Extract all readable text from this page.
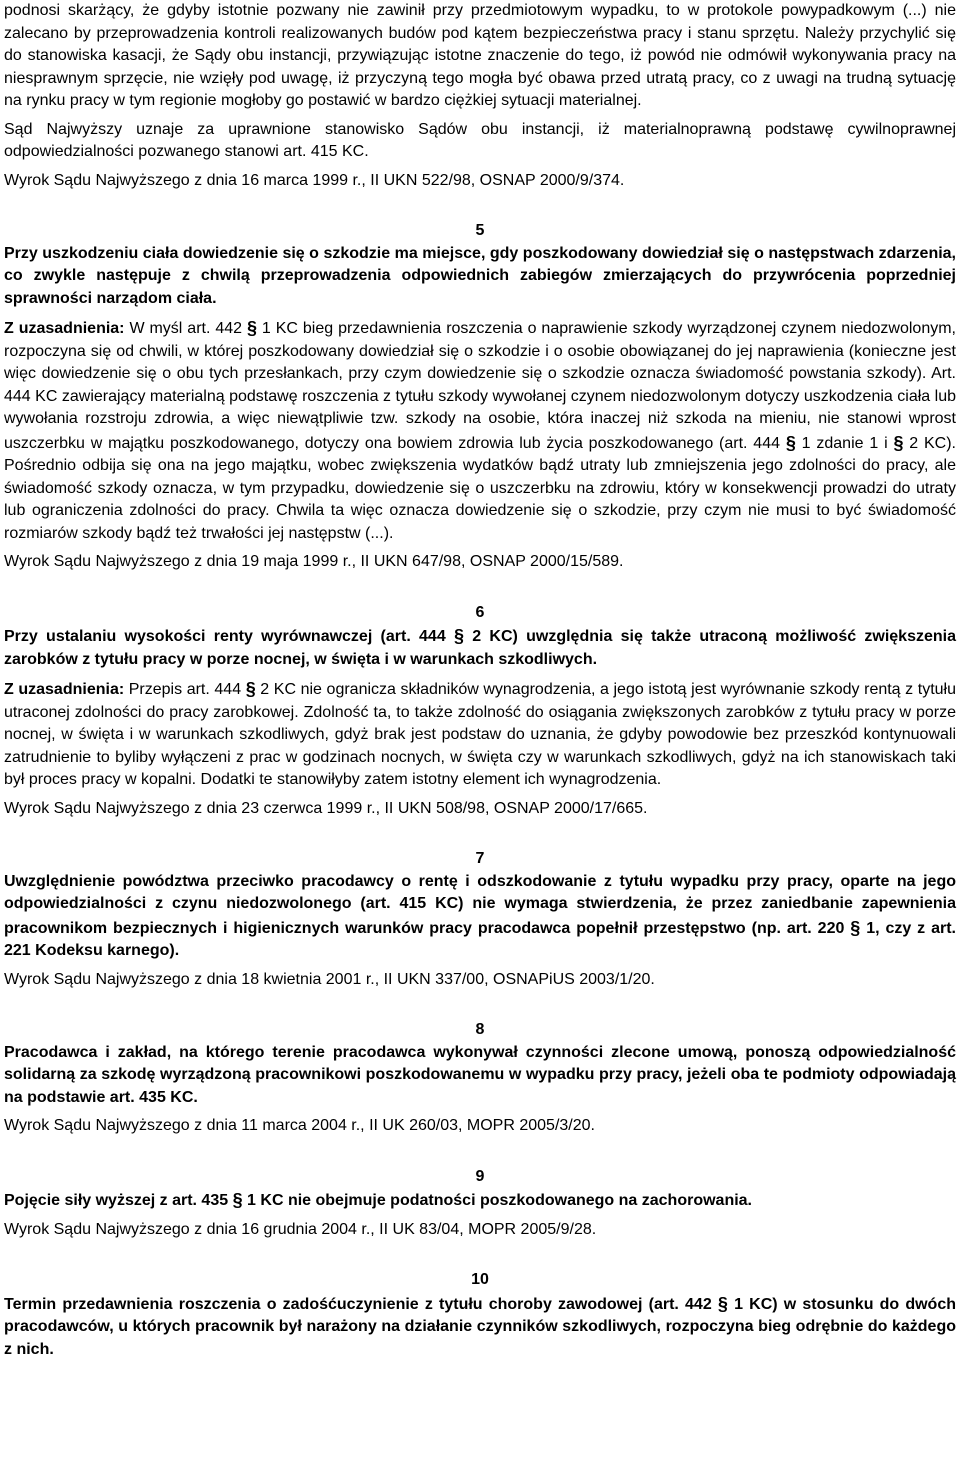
podnosi skarżący, że gdyby istotnie pozwany nie zawinił przy przedmiotowym wypadku, to w protokole powypadkowym (...) nie zalecano by przeprowadzenia kontroli realizowanych budów pod kątem bezpieczeństwa pracy i stanu sprzętu. Należy przychylić się do stanowiska kasacji, że Sądy obu instancji, przywiązując istotne znaczenie do tego, iż powód nie odmówił wykonywania pracy na niesprawnym sprzęcie, nie wzięły pod uwagę, iż przyczyną tego mogła być obawa przed utratą pracy, co z uwagi na trudną sytuację na rynku pracy w tym regionie mogłoby go postawić w bardzo ciężkiej sytuacji materialnej.

Sąd Najwyższy uznaje za uprawnione stanowisko Sądów obu instancji, iż materialnoprawną podstawę cywilnoprawnej odpowiedzialności pozwanego stanowi art. 415 KC.

Wyrok Sądu Najwyższego z dnia 16 marca 1999 r., II UKN 522/98, OSNAP 2000/9/374.

5

Przy uszkodzeniu ciała dowiedzenie się o szkodzie ma miejsce, gdy poszkodowany dowiedział się o następstwach zdarzenia, co zwykle następuje z chwilą przeprowadzenia odpowiednich zabiegów zmierzających do przywrócenia poprzedniej sprawności narządom ciała.

Z uzasadnienia: W myśl art. 442 § 1 KC bieg przedawnienia roszczenia o naprawienie szkody wyrządzonej czynem niedozwolonym, rozpoczyna się od chwili, w której poszkodowany dowiedział się o szkodzie i o osobie obowiązanej do jej naprawienia (konieczne jest więc dowiedzenie się o obu tych przesłankach, przy czym dowiedzenie się o szkodzie oznacza świadomość powstania szkody). Art. 444 KC zawierający materialną podstawę roszczenia z tytułu szkody wywołanej czynem niedozwolonym dotyczy uszkodzenia ciała lub wywołania rozstroju zdrowia, a więc niewątpliwie tzw. szkody na osobie, która inaczej niż szkoda na mieniu, nie stanowi wprost uszczerbku w majątku poszkodowanego, dotyczy ona bowiem zdrowia lub życia poszkodowanego (art. 444 § 1 zdanie 1 i § 2 KC). Pośrednio odbija się ona na jego majątku, wobec zwiększenia wydatków bądź utraty lub zmniejszenia jego zdolności do pracy, ale świadomość szkody oznacza, w tym przypadku, dowiedzenie się o uszczerbku na zdrowiu, który w konsekwencji prowadzi do utraty lub ograniczenia zdolności do pracy. Chwila ta więc oznacza dowiedzenie się o szkodzie, przy czym nie musi to być świadomość rozmiarów szkody bądź też trwałości jej następstw (...).

Wyrok Sądu Najwyższego z dnia 19 maja 1999 r., II UKN 647/98, OSNAP 2000/15/589.

6

Przy ustalaniu wysokości renty wyrównawczej (art. 444 § 2 KC) uwzględnia się także utraconą możliwość zwiększenia zarobków z tytułu pracy w porze nocnej, w święta i w warunkach szkodliwych.

Z uzasadnienia: Przepis art. 444 § 2 KC nie ogranicza składników wynagrodzenia, a jego istotą jest wyrównanie szkody rentą z tytułu utraconej zdolności do pracy zarobkowej. Zdolność ta, to także zdolność do osiągania zwiększonych zarobków z tytułu pracy w porze nocnej, w święta i w warunkach szkodliwych, gdyż brak jest podstaw do uznania, że gdyby powodowie bez przeszkód kontynuowali zatrudnienie to byliby wyłączeni z prac w godzinach nocnych, w święta czy w warunkach szkodliwych, gdyż na ich stanowiskach taki był proces pracy w kopalni. Dodatki te stanowiłyby zatem istotny element ich wynagrodzenia.

Wyrok Sądu Najwyższego z dnia 23 czerwca 1999 r., II UKN 508/98, OSNAP 2000/17/665.

7

Uwzględnienie powództwa przeciwko pracodawcy o rentę i odszkodowanie z tytułu wypadku przy pracy, oparte na jego odpowiedzialności z czynu niedozwolonego (art. 415 KC) nie wymaga stwierdzenia, że przez zaniedbanie zapewnienia pracownikom bezpiecznych i higienicznych warunków pracy pracodawca popełnił przestępstwo (np. art. 220 § 1, czy z art. 221 Kodeksu karnego).

Wyrok Sądu Najwyższego z dnia 18 kwietnia 2001 r., II UKN 337/00, OSNAPiUS 2003/1/20.

8

Pracodawca i zakład, na którego terenie pracodawca wykonywał czynności zlecone umową, ponoszą odpowiedzialność solidarną za szkodę wyrządzoną pracownikowi poszkodowanemu w wypadku przy pracy, jeżeli oba te podmioty odpowiadają na podstawie art. 435 KC.

Wyrok Sądu Najwyższego z dnia 11 marca 2004 r., II UK 260/03, MOPR 2005/3/20.

9

Pojęcie siły wyższej z art. 435 § 1 KC nie obejmuje podatności poszkodowanego na zachorowania.

Wyrok Sądu Najwyższego z dnia 16 grudnia 2004 r., II UK 83/04, MOPR 2005/9/28.

10

Termin przedawnienia roszczenia o zadośćuczynienie z tytułu choroby zawodowej (art. 442 § 1 KC) w stosunku do dwóch pracodawców, u których pracownik był narażony na działanie czynników szkodliwych, rozpoczyna bieg odrębnie do każdego z nich.
